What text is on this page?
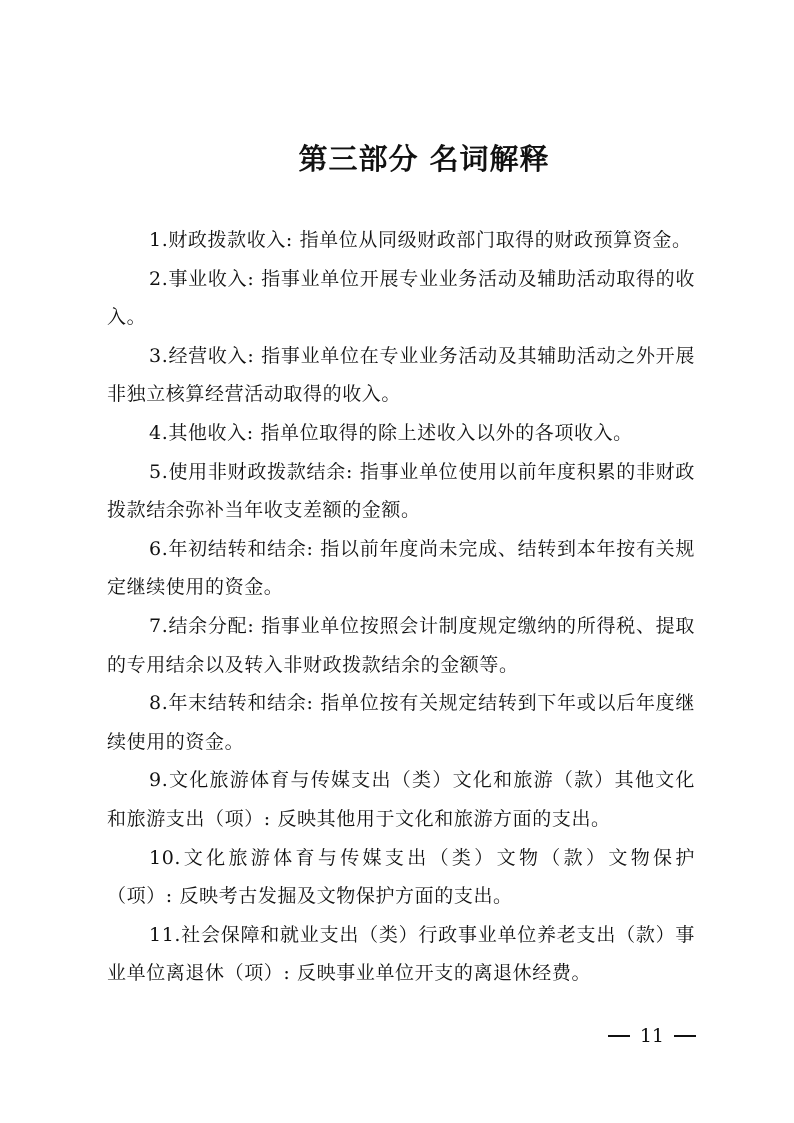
第三部分 名词解释

1.财政拨款收入: 指单位从同级财政部门取得的财政预算资金。

2.事业收入: 指事业单位开展专业业务活动及辅助活动取得的收入。

3.经营收入: 指事业单位在专业业务活动及其辅助活动之外开展非独立核算经营活动取得的收入。

4.其他收入: 指单位取得的除上述收入以外的各项收入。

5.使用非财政拨款结余: 指事业单位使用以前年度积累的非财政拨款结余弥补当年收支差额的金额。

6.年初结转和结余: 指以前年度尚未完成、结转到本年按有关规定继续使用的资金。

7.结余分配: 指事业单位按照会计制度规定缴纳的所得税、提取的专用结余以及转入非财政拨款结余的金额等。

8.年末结转和结余: 指单位按有关规定结转到下年或以后年度继续使用的资金。

9.文化旅游体育与传媒支出（类）文化和旅游（款）其他文化和旅游支出（项）: 反映其他用于文化和旅游方面的支出。

10.文化旅游体育与传媒支出（类）文物（款）文物保护（项）: 反映考古发掘及文物保护方面的支出。

11.社会保障和就业支出（类）行政事业单位养老支出（款）事业单位离退休（项）: 反映事业单位开支的离退休经费。

11
